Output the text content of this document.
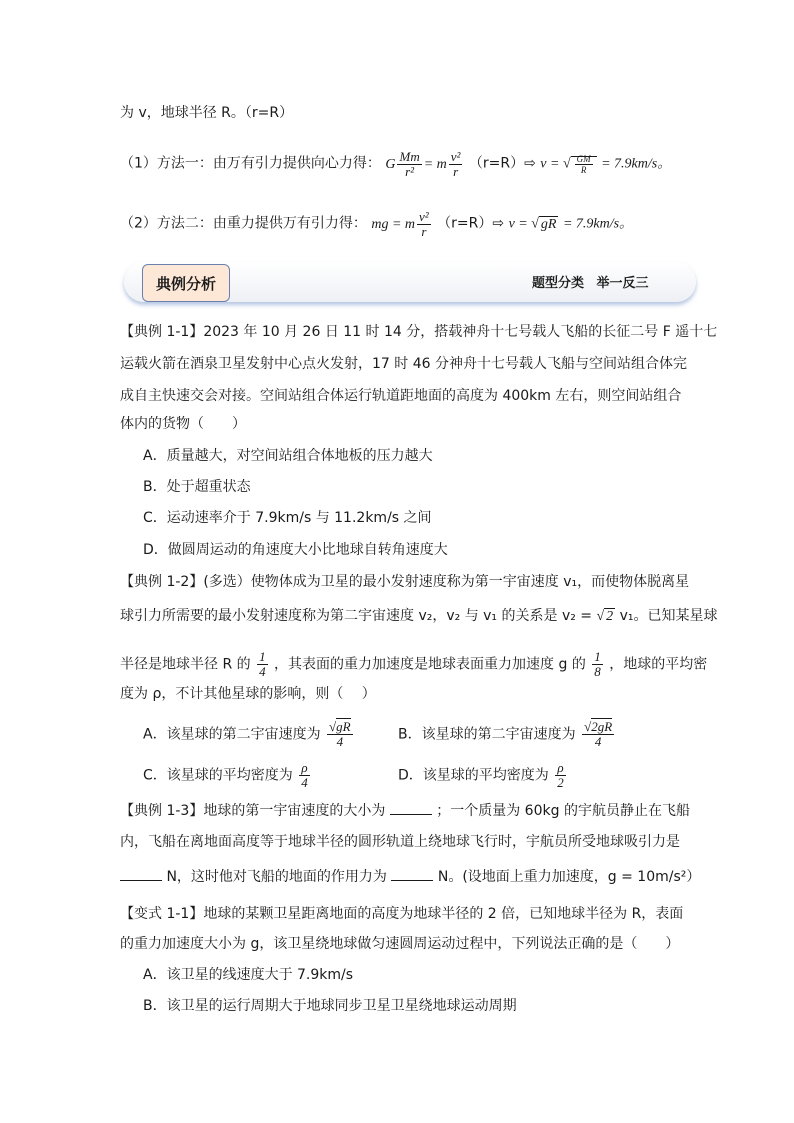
为 v，地球半径 R。（r=R）
（1）方法一：由万有引力提供向心力得： G $\frac{Mm}{\text{r²}} = m \frac{\text{v²}}{r}$ （r=R）⇨ v = √ $\frac{GM}{R} = 7.9km/s$。
（2）方法二：由重力提供万有引力得： mg = m $\frac{\text{v²}}{r}$ （r=R）⇨ v = √ gR = 7.9km/s。
典例分析	题型分类 举一反三
【典例 1-1】2023 年 10 月 26 日 11 时 14 分，搭载神舟十七号载人飞船的长征二号 F 遥十七
运载火箭在酒泉卫星发射中心点火发射，17 时 46 分神舟十七号载人飞船与空间站组合体完
成自主快速交会对接。空间站组合体运行轨道距地面的高度为 400km 左右，则空间站组合
体内的货物（　　）
A．质量越大，对空间站组合体地板的压力越大
B．处于超重状态
C．运动速率介于 7.9km/s 与 11.2km/s 之间
D．做圆周运动的角速度大小比地球自转角速度大
【典例 1-2】(多选）使物体成为卫星的最小发射速度称为第一宇宙速度 v₁，而使物体脱离星
球引力所需要的最小发射速度称为第二宇宙速度 v₂，v₂ 与 v₁ 的关系是 v₂ = √ 2 v₁。已知某星球
半径是地球半径 R 的 $\frac{1}{4}$ ，其表面的重力加速度是地球表面重力加速度 g 的 $\frac{1}{8}$ ，地球的平均密
度为 ρ，不计其他星球的影响，则（　 ）
A．该星球的第二宇宙速度为 $\frac{√gR}{4}$	B．该星球的第二宇宙速度为 $\frac{√2gR}{4}$
C．该星球的平均密度为 $\frac{\rho}{4}$	D．该星球的平均密度为 $\frac{\rho}{2}$
【典例 1-3】地球的第一宇宙速度的大小为	；一个质量为 60kg 的宇航员静止在飞船
内，飞船在离地面高度等于地球半径的圆形轨道上绕地球飞行时，宇航员所受地球吸引力是
N，这时他对飞船的地面的作用力为	N。(设地面上重力加速度，g = 10m/s²）
【变式 1-1】地球的某颗卫星距离地面的高度为地球半径的 2 倍，已知地球半径为 R，表面
的重力加速度大小为 g，该卫星绕地球做匀速圆周运动过程中，下列说法正确的是（　　）
A．该卫星的线速度大于 7.9km/s
B．该卫星的运行周期大于地球同步卫星卫星绕地球运动周期
